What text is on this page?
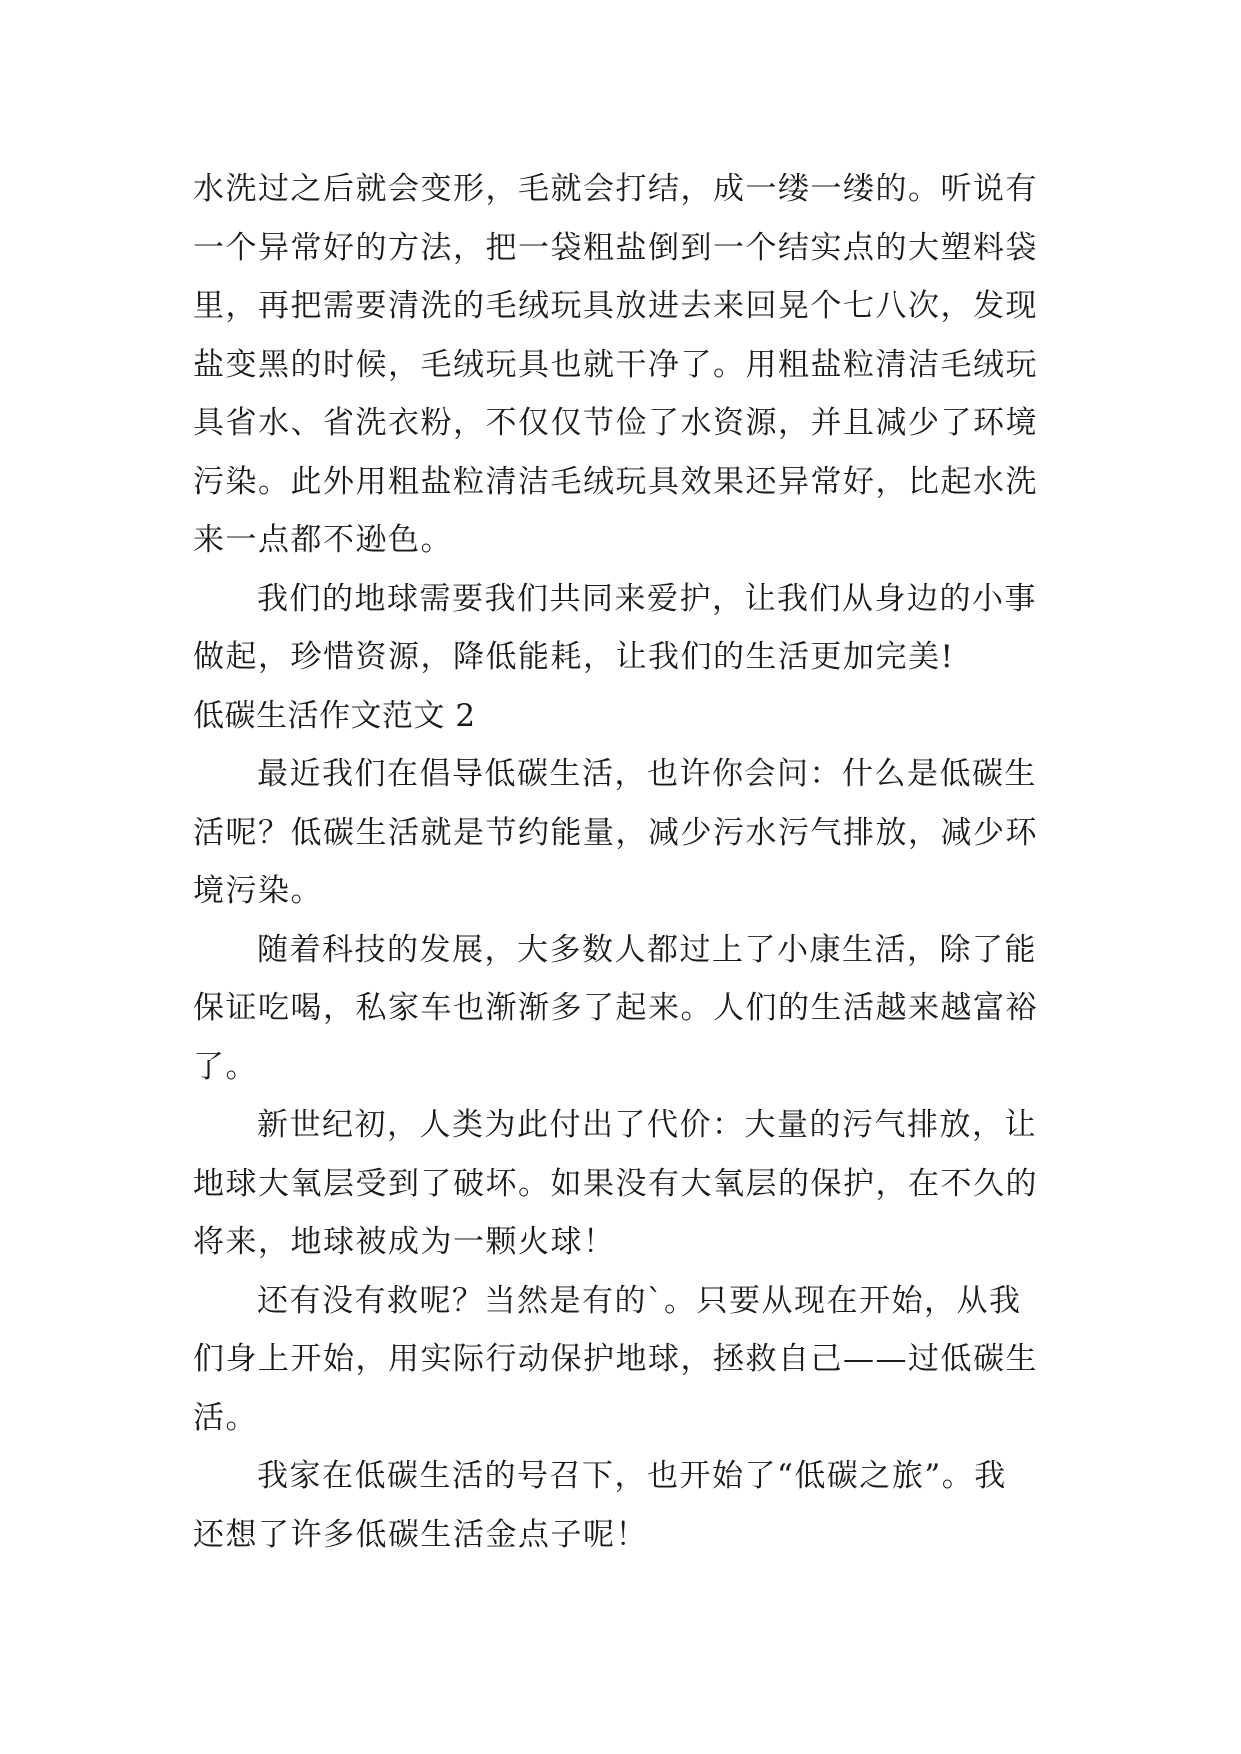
水洗过之后就会变形，毛就会打结，成一缕一缕的。听说有
一个异常好的方法，把一袋粗盐倒到一个结实点的大塑料袋
里，再把需要清洗的毛绒玩具放进去来回晃个七八次，发现
盐变黑的时候，毛绒玩具也就干净了。用粗盐粒清洁毛绒玩
具省水、省洗衣粉，不仅仅节俭了水资源，并且减少了环境
污染。此外用粗盐粒清洁毛绒玩具效果还异常好，比起水洗
来一点都不逊色。
我们的地球需要我们共同来爱护，让我们从身边的小事
做起，珍惜资源，降低能耗，让我们的生活更加完美!
低碳生活作文范文 2
最近我们在倡导低碳生活，也许你会问：什么是低碳生
活呢？低碳生活就是节约能量，减少污水污气排放，减少环
境污染。
随着科技的发展，大多数人都过上了小康生活，除了能
保证吃喝，私家车也渐渐多了起来。人们的生活越来越富裕
了。
新世纪初，人类为此付出了代价：大量的污气排放，让
地球大氧层受到了破坏。如果没有大氧层的保护，在不久的
将来，地球被成为一颗火球！
还有没有救呢？当然是有的`。只要从现在开始，从我
们身上开始，用实际行动保护地球，拯救自己——过低碳生
活。
我家在低碳生活的号召下，也开始了“低碳之旅”。我
还想了许多低碳生活金点子呢！
